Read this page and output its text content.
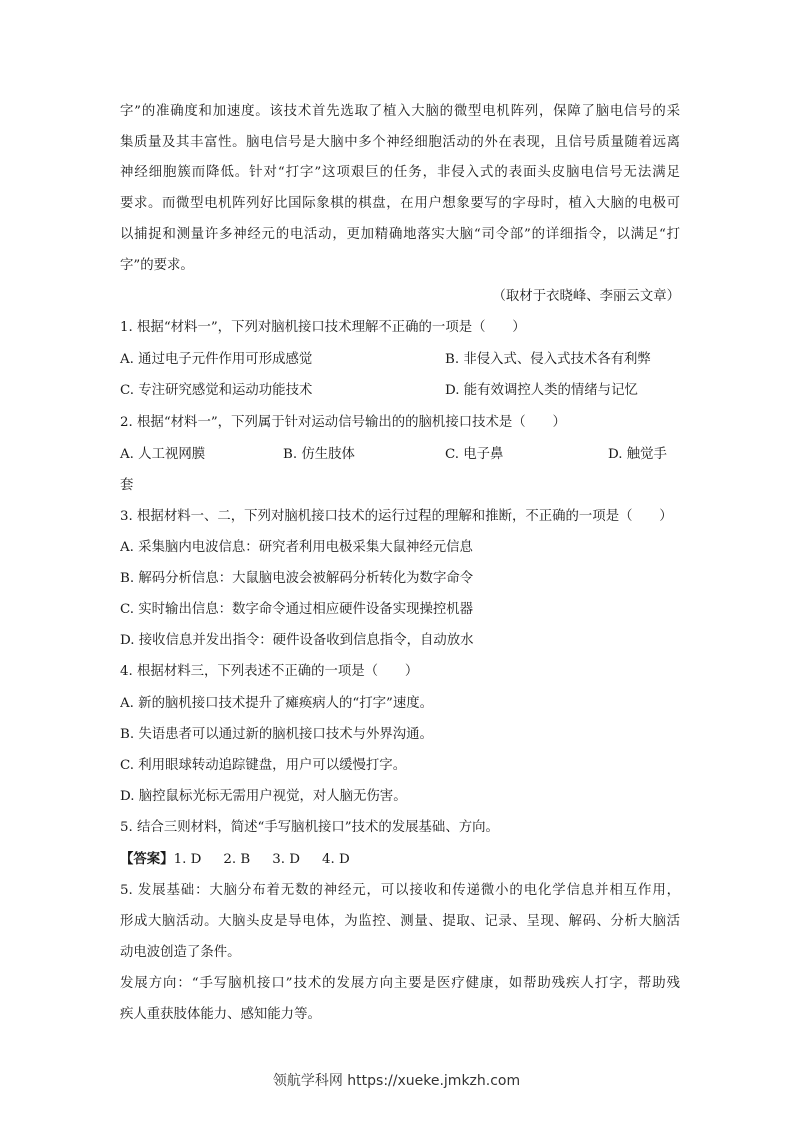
字”的准确度和加速度。该技术首先选取了植入大脑的微型电机阵列，保障了脑电信号的采
集质量及其丰富性。脑电信号是大脑中多个神经细胞活动的外在表现，且信号质量随着远离
神经细胞簇而降低。针对“打字”这项艰巨的任务，非侵入式的表面头皮脑电信号无法满足
要求。而微型电机阵列好比国际象棋的棋盘，在用户想象要写的字母时，植入大脑的电极可
以捕捉和测量许多神经元的电活动，更加精确地落实大脑“司令部”的详细指令，以满足“打
字”的要求。
（取材于衣晓峰、李丽云文章）
1. 根据“材料一”，下列对脑机接口技术理解不正确的一项是（　　）
A. 通过电子元件作用可形成感觉	B. 非侵入式、侵入式技术各有利弊
C. 专注研究感觉和运动功能技术	D. 能有效调控人类的情绪与记忆
2. 根据“材料一”，下列属于针对运动信号输出的的脑机接口技术是（　　）
A. 人工视网膜	B. 仿生肢体	C. 电子鼻	D. 触觉手
套
3. 根据材料一、二，下列对脑机接口技术的运行过程的理解和推断，不正确的一项是（　　）
A. 采集脑内电波信息：研究者利用电极采集大鼠神经元信息
B. 解码分析信息：大鼠脑电波会被解码分析转化为数字命令
C. 实时输出信息：数字命令通过相应硬件设备实现操控机器
D. 接收信息并发出指令：硬件设备收到信息指令，自动放水
4. 根据材料三，下列表述不正确的一项是（　　）
A. 新的脑机接口技术提升了瘫痪病人的“打字”速度。
B. 失语患者可以通过新的脑机接口技术与外界沟通。
C. 利用眼球转动追踪键盘，用户可以缓慢打字。
D. 脑控鼠标光标无需用户视觉，对人脑无伤害。
5. 结合三则材料，简述“手写脑机接口”技术的发展基础、方向。
【答案】1. D 2. B 3. D 4. D
5. 发展基础：大脑分布着无数的神经元，可以接收和传递微小的电化学信息并相互作用，
形成大脑活动。大脑头皮是导电体，为监控、测量、提取、记录、呈现、解码、分析大脑活
动电波创造了条件。
发展方向：“手写脑机接口”技术的发展方向主要是医疗健康，如帮助残疾人打字，帮助残
疾人重获肢体能力、感知能力等。
领航学科网 https://xueke.jmkzh.com
